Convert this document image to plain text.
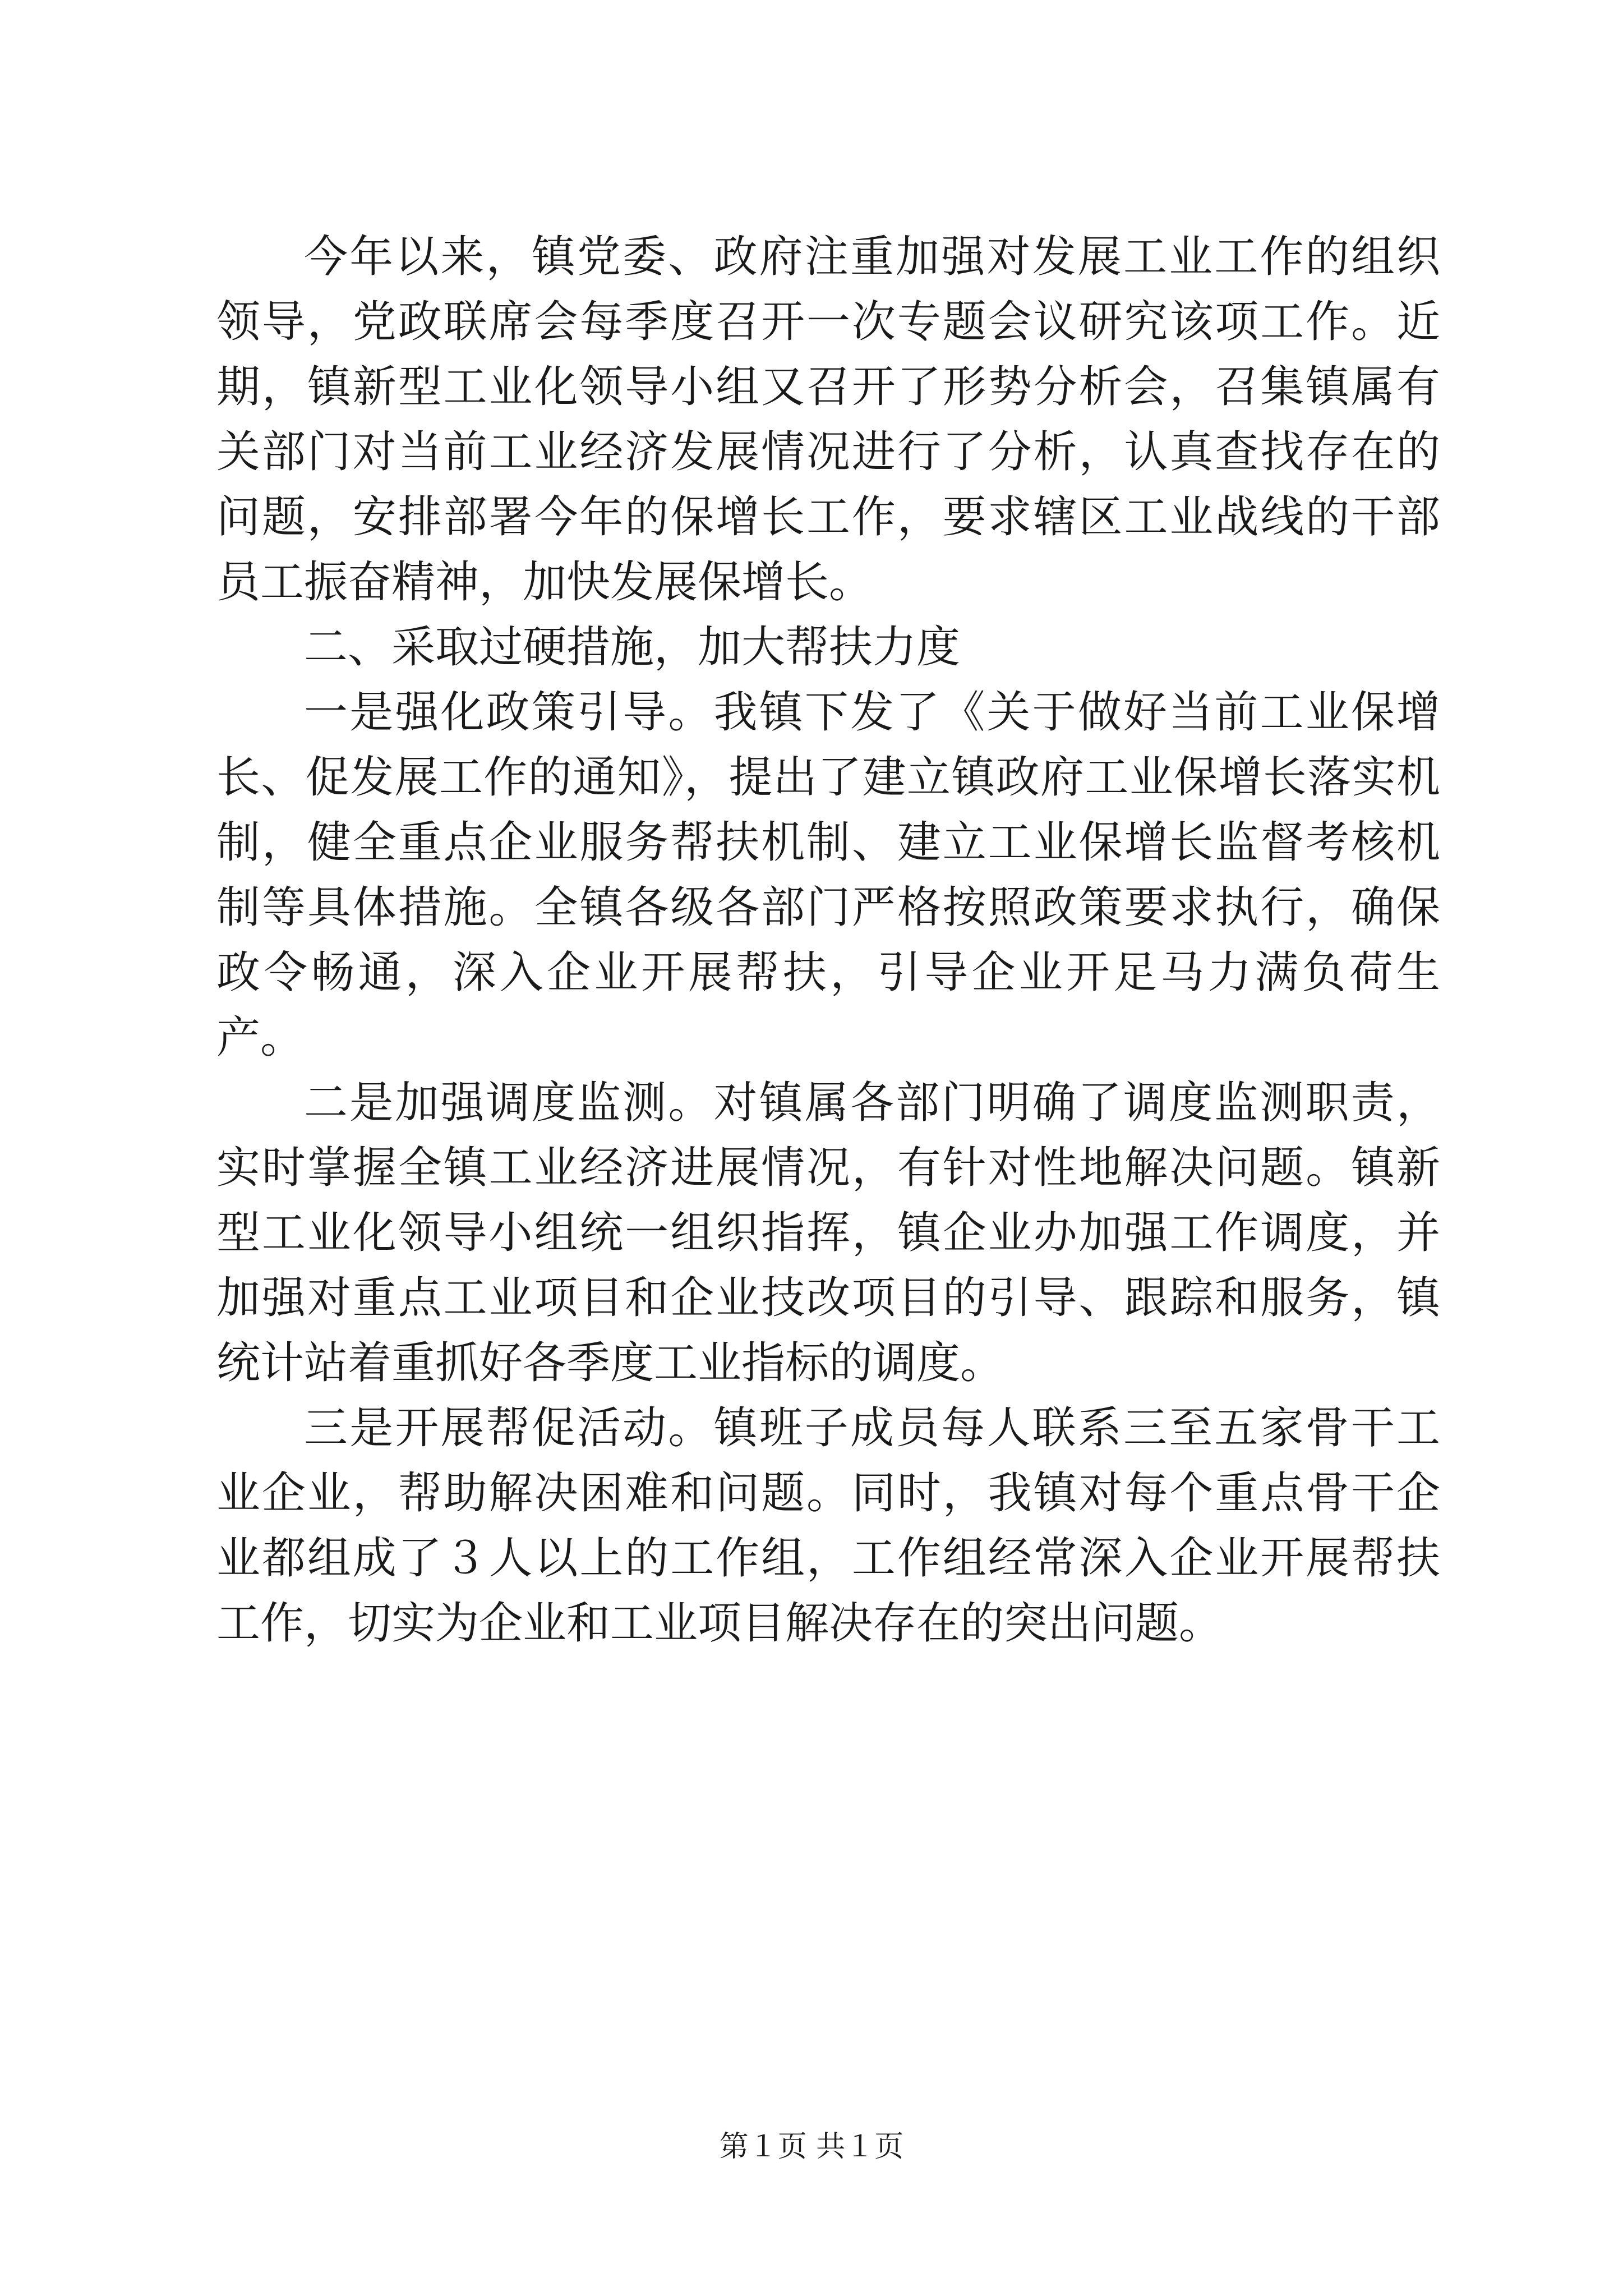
今年以来，镇党委、政府注重加强对发展工业工作的组织领导，党政联席会每季度召开一次专题会议研究该项工作。近期，镇新型工业化领导小组又召开了形势分析会，召集镇属有关部门对当前工业经济发展情况进行了分析，认真查找存在的问题，安排部署今年的保增长工作，要求辖区工业战线的干部员工振奋精神，加快发展保增长。

二、采取过硬措施，加大帮扶力度

一是强化政策引导。我镇下发了《关于做好当前工业保增长、促发展工作的通知》，提出了建立镇政府工业保增长落实机制，健全重点企业服务帮扶机制、建立工业保增长监督考核机制等具体措施。全镇各级各部门严格按照政策要求执行，确保政令畅通，深入企业开展帮扶，引导企业开足马力满负荷生产。

二是加强调度监测。对镇属各部门明确了调度监测职责，实时掌握全镇工业经济进展情况，有针对性地解决问题。镇新型工业化领导小组统一组织指挥，镇企业办加强工作调度，并加强对重点工业项目和企业技改项目的引导、跟踪和服务，镇统计站着重抓好各季度工业指标的调度。

三是开展帮促活动。镇班子成员每人联系三至五家骨干工业企业，帮助解决困难和问题。同时，我镇对每个重点骨干企业都组成了３人以上的工作组，工作组经常深入企业开展帮扶工作，切实为企业和工业项目解决存在的突出问题。

第１页 共１页
